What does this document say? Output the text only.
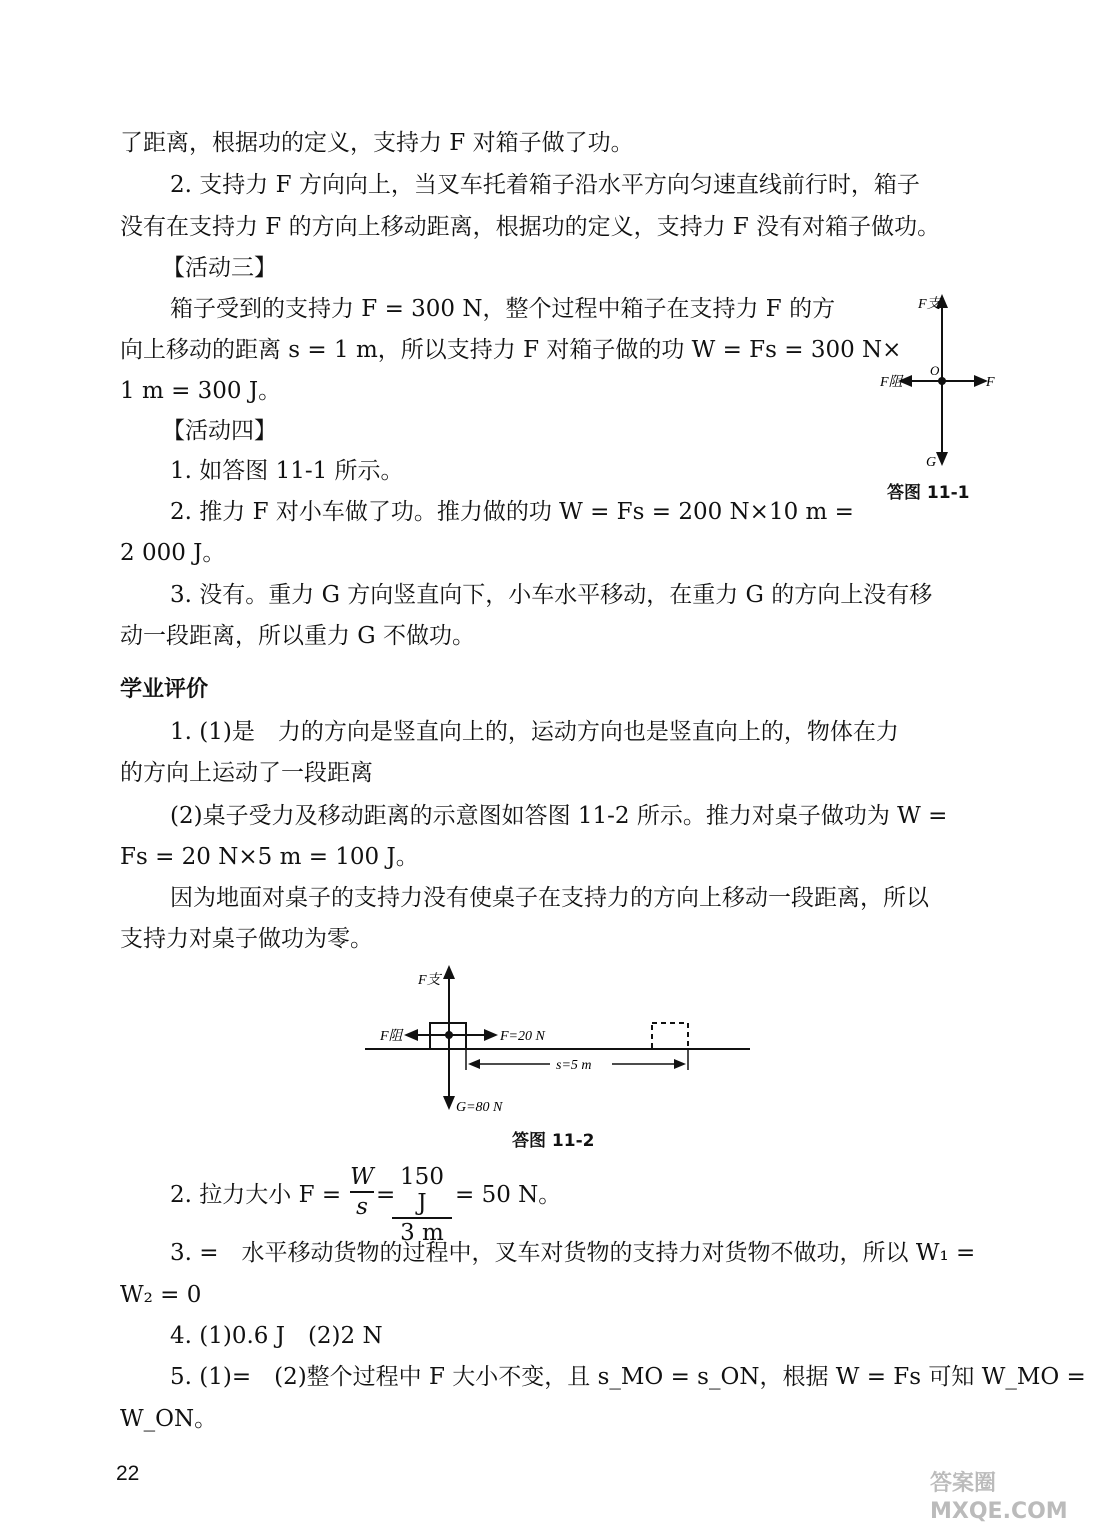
了距离，根据功的定义，支持力 F 对箱子做了功。
2. 支持力 F 方向向上，当叉车托着箱子沿水平方向匀速直线前行时，箱子
没有在支持力 F 的方向上移动距离，根据功的定义，支持力 F 没有对箱子做功。
【活动三】
箱子受到的支持力 F = 300 N，整个过程中箱子在支持力 F 的方
向上移动的距离 s = 1 m，所以支持力 F 对箱子做的功 W = Fs = 300 N×
1 m = 300 J。
【活动四】
1. 如答图 11-1 所示。
2. 推力 F 对小车做了功。推力做的功 W = Fs = 200 N×10 m =
2 000 J。
3. 没有。重力 G 方向竖直向下，小车水平移动，在重力 G 的方向上没有移
动一段距离，所以重力 G 不做功。
学业评价
1. (1)是　力的方向是竖直向上的，运动方向也是竖直向上的，物体在力
的方向上运动了一段距离
(2)桌子受力及移动距离的示意图如答图 11-2 所示。推力对桌子做功为 W =
Fs = 20 N×5 m = 100 J。
因为地面对桌子的支持力没有使桌子在支持力的方向上移动一段距离，所以
支持力对桌子做功为零。
F支
F阻	F
G
O
答图 11-1
s=5 m
F支
F阻	F=20 N
G=80 N
答图 11-2
2. 拉力大小 F =
W
s =
150 J
3 m
= 50 N。
3. =　水平移动货物的过程中，叉车对货物的支持力对货物不做功，所以 W₁ =
W₂ = 0
4. (1)0.6 J　(2)2 N
5. (1)=　(2)整个过程中 F 大小不变，且 s_MO = s_ON，根据 W = Fs 可知 W_MO =
W_ON。
22	答案圈 MXQE.COM
